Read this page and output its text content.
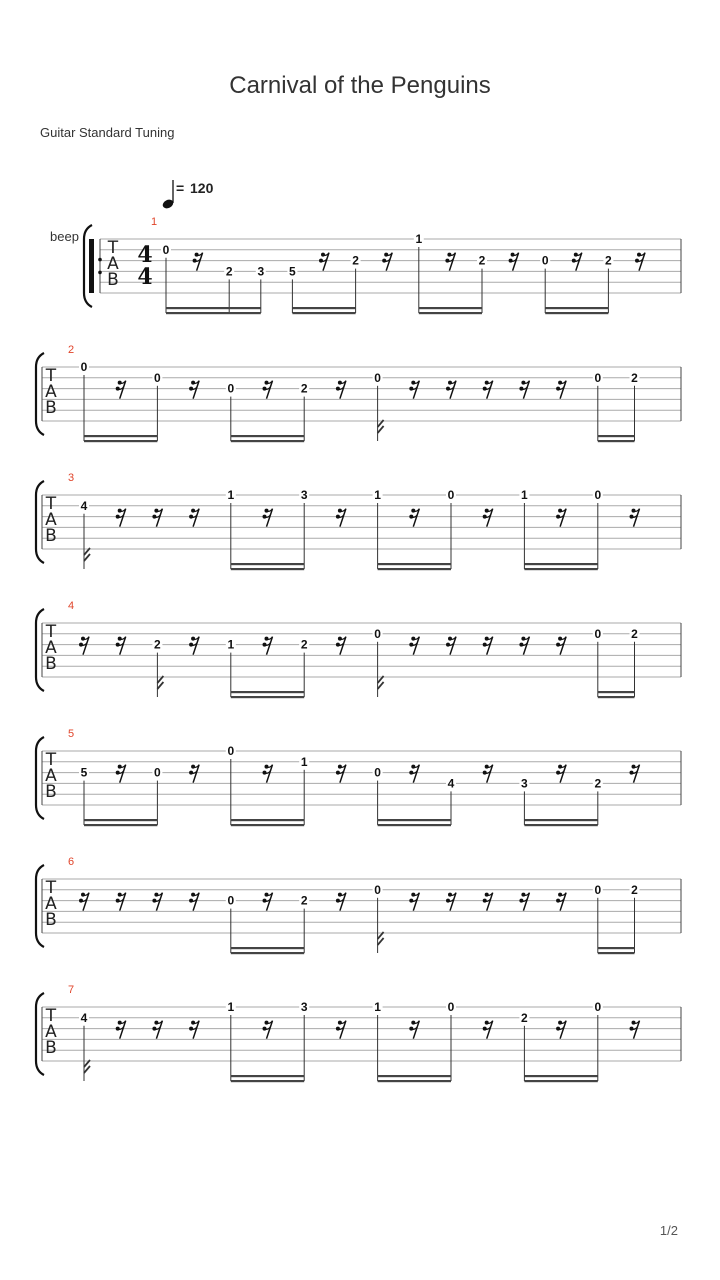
Carnival of the Penguins
Guitar Standard Tuning
1/2
= 120
beep
T
A
B
4
4
1
0
2 3 5
2
1
2	0	2
T
A
B
2
0
0
0	2
0	0	2
T
A
B
3
4
1	3	1	0	1	0
T
A
B
4
2	1	2
0	0	2
T
A
B
5
5	0
0
1
0
4	3	2
T
A
B
6
0	2
0	0	2
T
A
B
7
4
1	3	1	0
2
0
